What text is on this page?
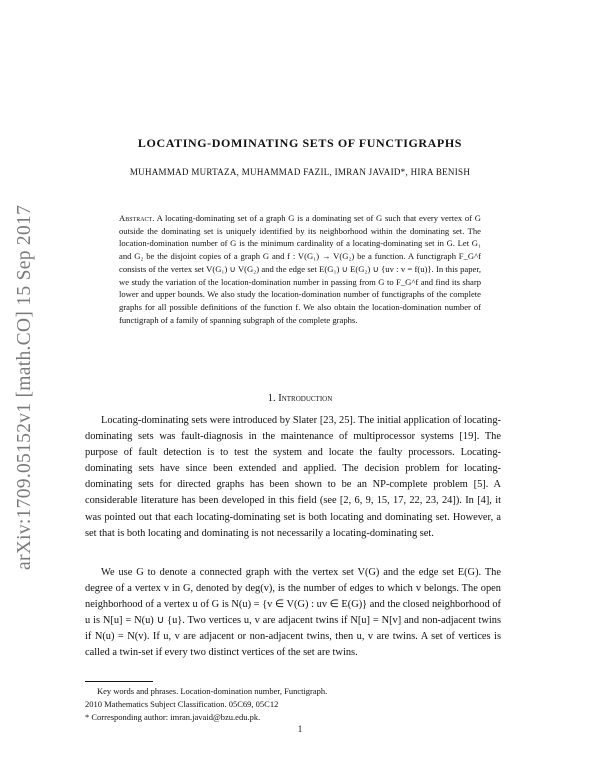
arXiv:1709.05152v1 [math.CO] 15 Sep 2017
LOCATING-DOMINATING SETS OF FUNCTIGRAPHS
MUHAMMAD MURTAZA, MUHAMMAD FAZIL, IMRAN JAVAID*, HIRA BENISH
Abstract. A locating-dominating set of a graph G is a dominating set of G such that every vertex of G outside the dominating set is uniquely identified by its neighborhood within the dominating set. The location-domination number of G is the minimum cardinality of a locating-dominating set in G. Let G₁ and G₂ be the disjoint copies of a graph G and f : V(G₁) → V(G₂) be a function. A functigraph F_G^f consists of the vertex set V(G₁) ∪ V(G₂) and the edge set E(G₁) ∪ E(G₂) ∪ {uv : v = f(u)}. In this paper, we study the variation of the location-domination number in passing from G to F_G^f and find its sharp lower and upper bounds. We also study the location-domination number of functigraphs of the complete graphs for all possible definitions of the function f. We also obtain the location-domination number of functigraph of a family of spanning subgraph of the complete graphs.
1. Introduction
Locating-dominating sets were introduced by Slater [23, 25]. The initial application of locating-dominating sets was fault-diagnosis in the maintenance of multiprocessor systems [19]. The purpose of fault detection is to test the system and locate the faulty processors. Locating-dominating sets have since been extended and applied. The decision problem for locating-dominating sets for directed graphs has been shown to be an NP-complete problem [5]. A considerable literature has been developed in this field (see [2, 6, 9, 15, 17, 22, 23, 24]). In [4], it was pointed out that each locating-dominating set is both locating and dominating set. However, a set that is both locating and dominating is not necessarily a locating-dominating set.
We use G to denote a connected graph with the vertex set V(G) and the edge set E(G). The degree of a vertex v in G, denoted by deg(v), is the number of edges to which v belongs. The open neighborhood of a vertex u of G is N(u) = {v ∈ V(G) : uv ∈ E(G)} and the closed neighborhood of u is N[u] = N(u) ∪ {u}. Two vertices u, v are adjacent twins if N[u] = N[v] and non-adjacent twins if N(u) = N(v). If u, v are adjacent or non-adjacent twins, then u, v are twins. A set of vertices is called a twin-set if every two distinct vertices of the set are twins.
Key words and phrases. Location-domination number, Functigraph.
2010 Mathematics Subject Classification. 05C69, 05C12
* Corresponding author: imran.javaid@bzu.edu.pk.
1
